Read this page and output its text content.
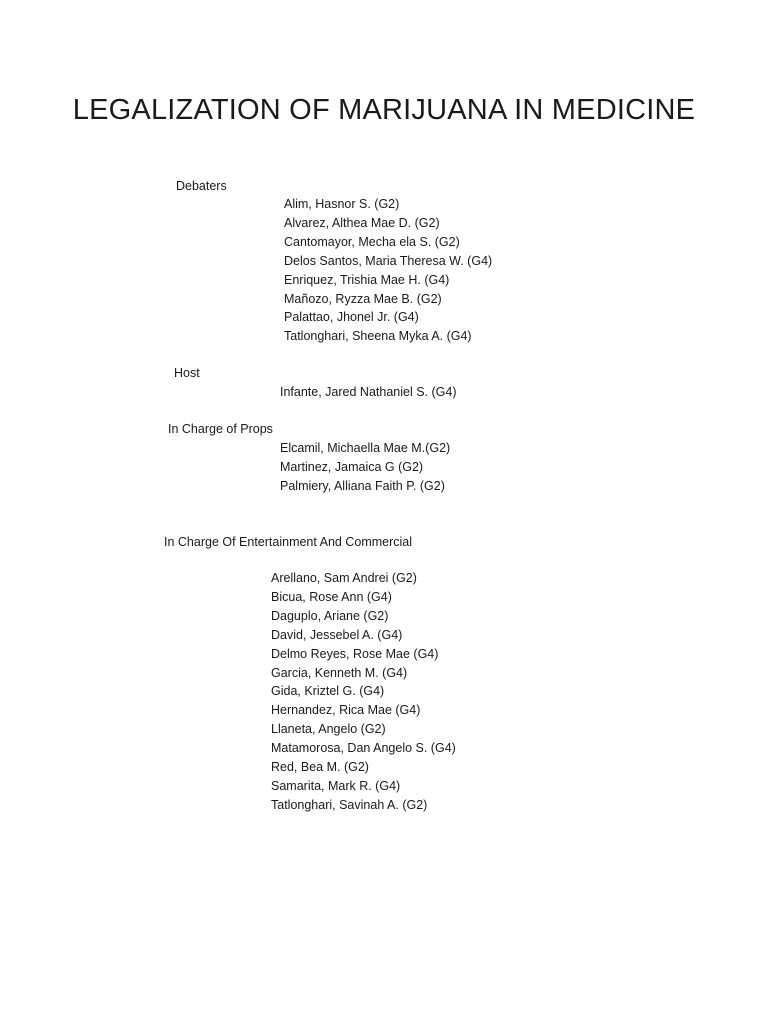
LEGALIZATION OF MARIJUANA IN MEDICINE
Debaters
Alim, Hasnor S. (G2)
Alvarez, Althea Mae D. (G2)
Cantomayor, Mecha ela S. (G2)
Delos Santos, Maria Theresa W. (G4)
Enriquez, Trishia Mae H. (G4)
Mañozo, Ryzza Mae B. (G2)
Palattao, Jhonel Jr. (G4)
Tatlonghari, Sheena Myka A. (G4)
Host
Infante, Jared Nathaniel S. (G4)
In Charge of Props
Elcamil, Michaella Mae M.(G2)
Martinez, Jamaica G (G2)
Palmiery, Alliana Faith P. (G2)
In Charge Of Entertainment And Commercial
Arellano, Sam Andrei (G2)
Bicua, Rose Ann (G4)
Daguplo, Ariane (G2)
David, Jessebel A. (G4)
Delmo Reyes, Rose Mae (G4)
Garcia, Kenneth M. (G4)
Gida, Kriztel G. (G4)
Hernandez, Rica Mae (G4)
Llaneta, Angelo (G2)
Matamorosa, Dan Angelo S. (G4)
Red, Bea M. (G2)
Samarita, Mark R. (G4)
Tatlonghari, Savinah A. (G2)
